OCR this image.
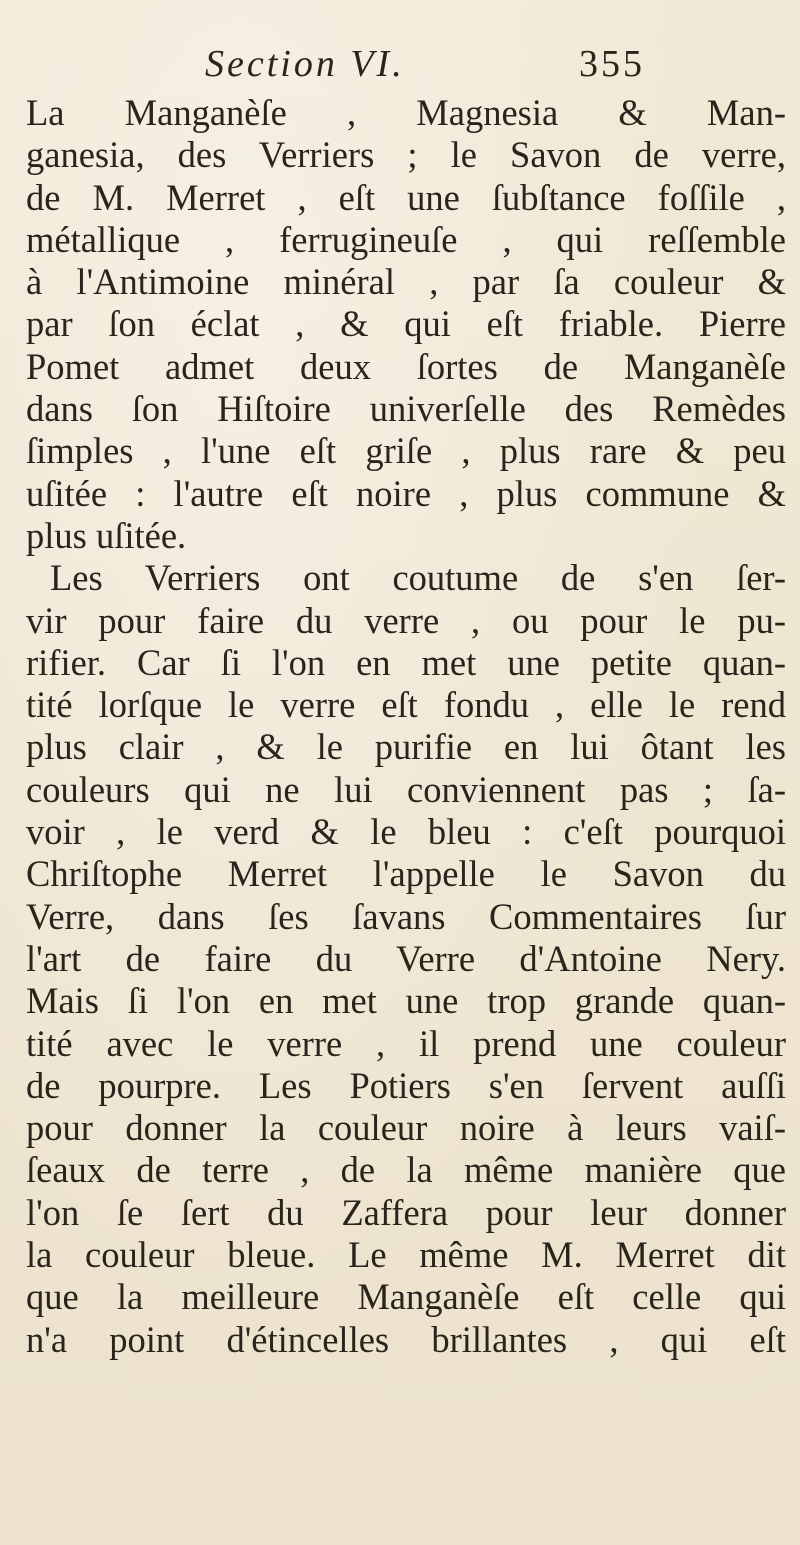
Section VI.	355
La Manganèſe , Magnesia & Man-
ganesia, des Verriers ; le Savon de verre,
de M. Merret , eſt une ſubſtance foſſile ,
métallique , ferrugineuſe , qui reſſemble
à l'Antimoine minéral , par ſa couleur &
par ſon éclat , & qui eſt friable. Pierre
Pomet admet deux ſortes de Manganèſe
dans ſon Hiſtoire univerſelle des Remèdes
ſimples , l'une eſt griſe , plus rare & peu
uſitée : l'autre eſt noire , plus commune &
plus uſitée.
Les Verriers ont coutume de s'en ſer-
vir pour faire du verre , ou pour le pu-
rifier. Car ſi l'on en met une petite quan-
tité lorſque le verre eſt fondu , elle le rend
plus clair , & le purifie en lui ôtant les
couleurs qui ne lui conviennent pas ; ſa-
voir , le verd & le bleu : c'eſt pourquoi
Chriſtophe Merret l'appelle le Savon du
Verre, dans ſes ſavans Commentaires ſur
l'art de faire du Verre d'Antoine Nery.
Mais ſi l'on en met une trop grande quan-
tité avec le verre , il prend une couleur
de pourpre. Les Potiers s'en ſervent auſſi
pour donner la couleur noire à leurs vaiſ-
ſeaux de terre , de la même manière que
l'on ſe ſert du Zaffera pour leur donner
la couleur bleue. Le même M. Merret dit
que la meilleure Manganèſe eſt celle qui
n'a point d'étincelles brillantes , qui eſt
